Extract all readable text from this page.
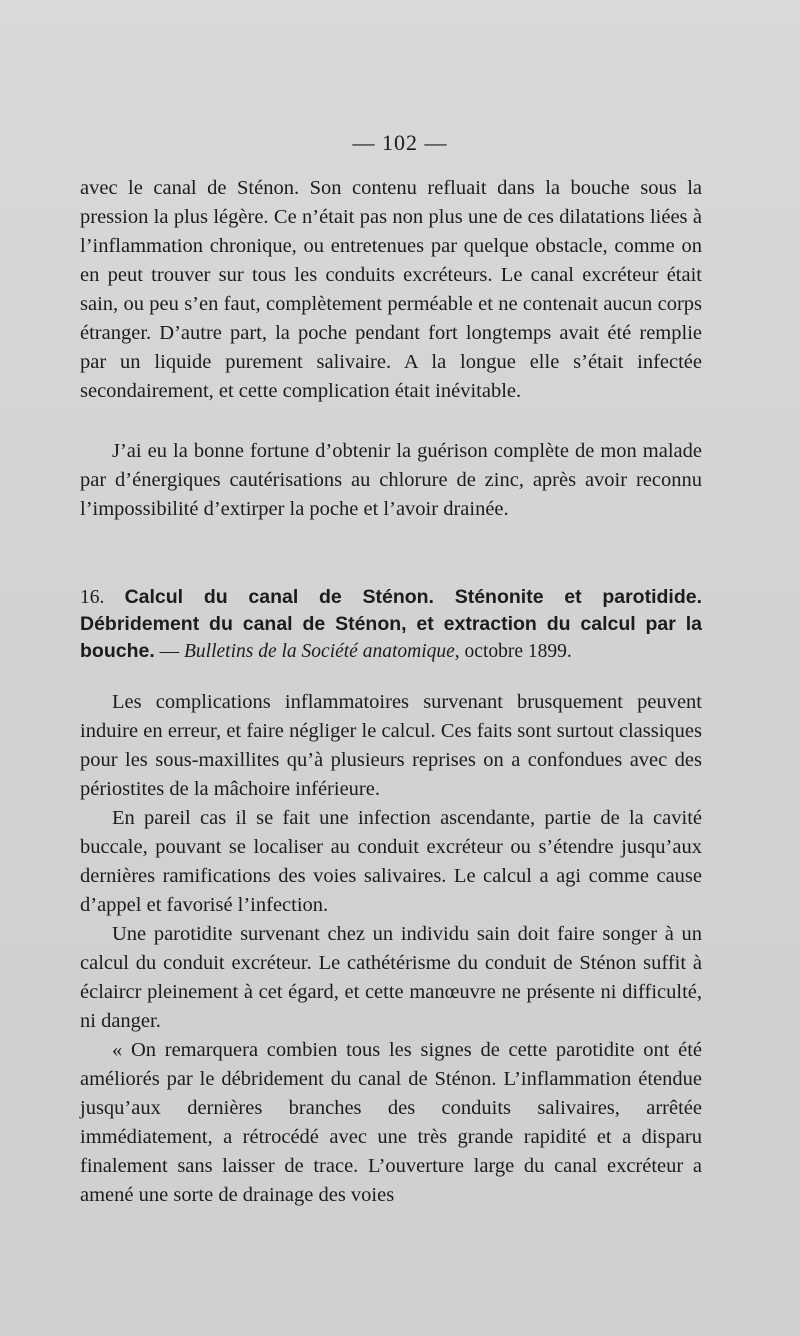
— 102 —

avec le canal de Sténon. Son contenu refluait dans la bouche sous la pression la plus légère. Ce n’était pas non plus une de ces dilatations liées à l’inflammation chronique, ou entretenues par quelque obstacle, comme on en peut trouver sur tous les conduits excréteurs. Le canal excréteur était sain, ou peu s’en faut, complètement perméable et ne contenait aucun corps étranger. D’autre part, la poche pendant fort longtemps avait été remplie par un liquide purement salivaire. A la longue elle s’était infectée secondairement, et cette complication était inévitable.

J’ai eu la bonne fortune d’obtenir la guérison complète de mon malade par d’énergiques cautérisations au chlorure de zinc, après avoir reconnu l’impossibilité d’extirper la poche et l’avoir drainée.

16. Calcul du canal de Sténon. Sténonite et parotidide. Débridement du canal de Sténon, et extraction du calcul par la bouche. — Bulletins de la Société anatomique, octobre 1899.

Les complications inflammatoires survenant brusquement peuvent induire en erreur, et faire négliger le calcul. Ces faits sont surtout classiques pour les sous-maxillites qu’à plusieurs reprises on a confondues avec des périostites de la mâchoire inférieure.

En pareil cas il se fait une infection ascendante, partie de la cavité buccale, pouvant se localiser au conduit excréteur ou s’étendre jusqu’aux dernières ramifications des voies salivaires. Le calcul a agi comme cause d’appel et favorisé l’infection.

Une parotidite survenant chez un individu sain doit faire songer à un calcul du conduit excréteur. Le cathétérisme du conduit de Sténon suffit à éclaircr pleinement à cet égard, et cette manœuvre ne présente ni difficulté, ni danger.

« On remarquera combien tous les signes de cette parotidite ont été améliorés par le débridement du canal de Sténon. L’inflammation étendue jusqu’aux dernières branches des conduits salivaires, arrêtée immédiatement, a rétrocédé avec une très grande rapidité et a disparu finalement sans laisser de trace. L’ouverture large du canal excréteur a amené une sorte de drainage des voies
